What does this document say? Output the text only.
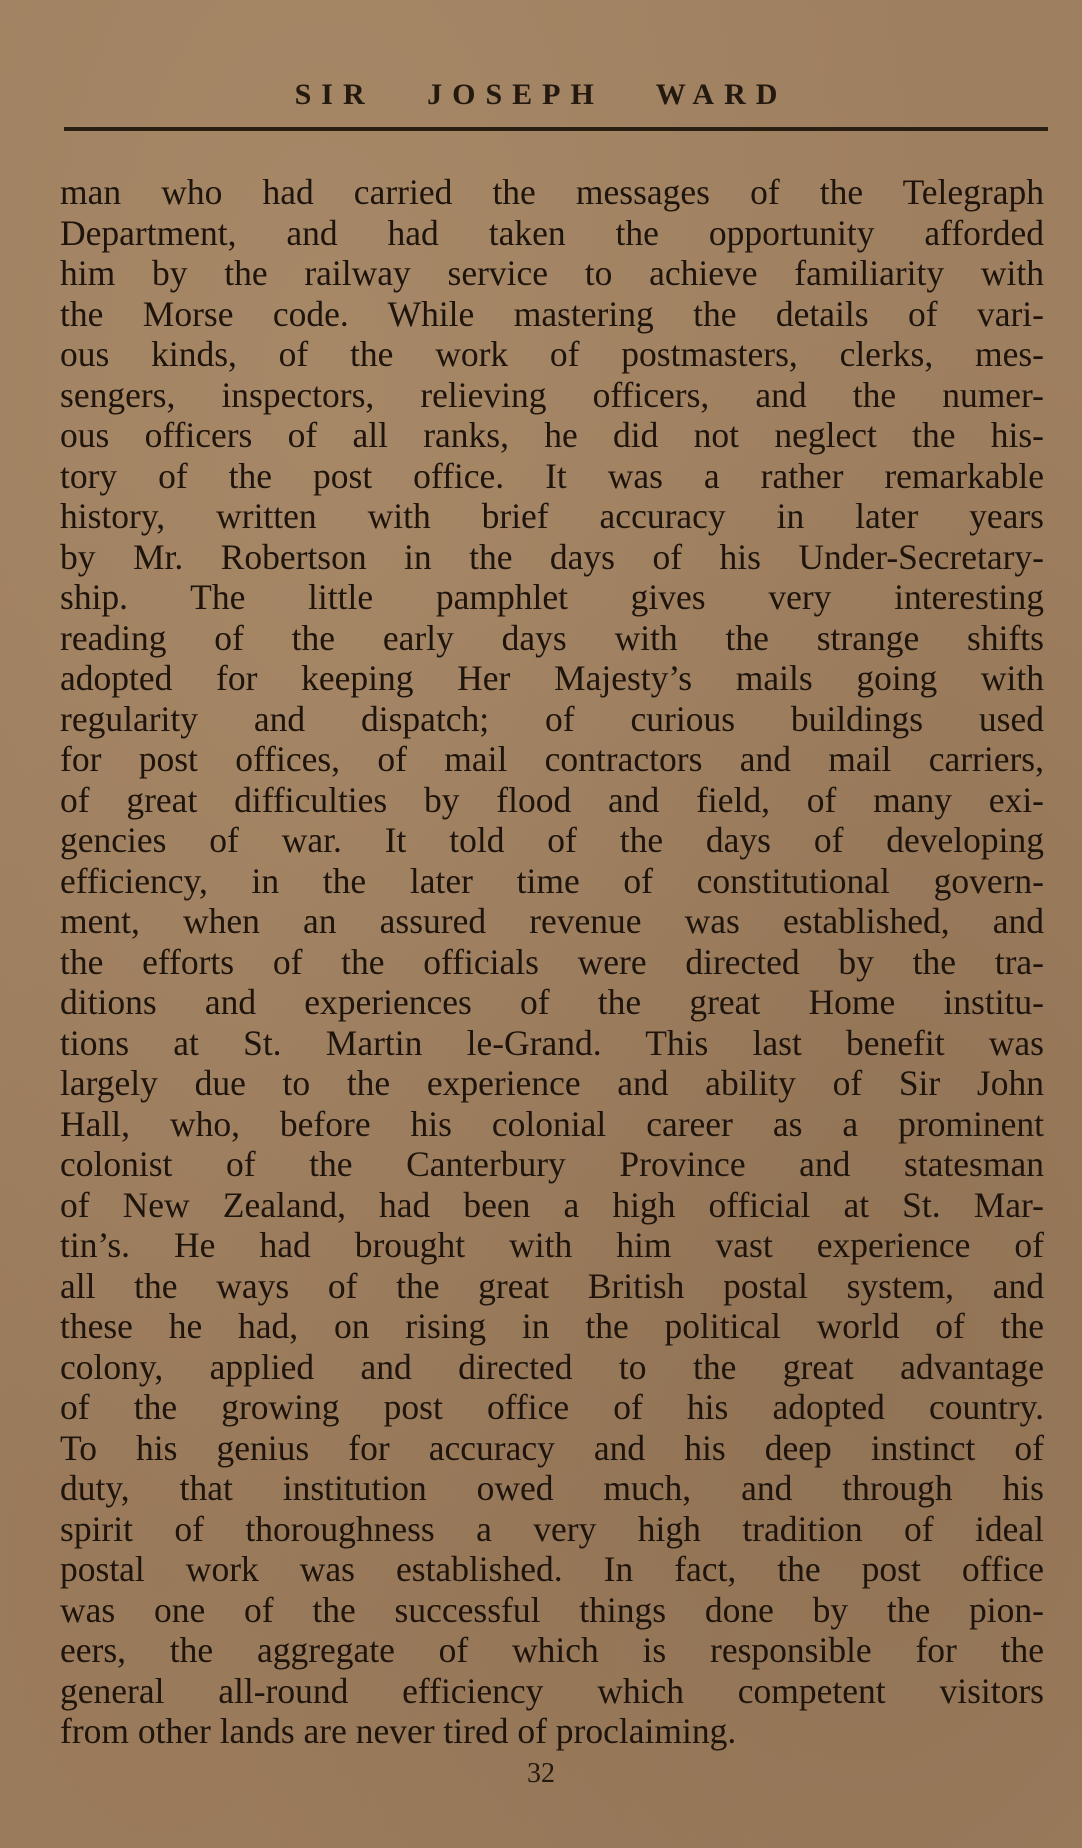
SIR   JOSEPH   WARD
man who had carried the messages of the Telegraph
Department, and had taken the opportunity afforded
him by the railway service to achieve familiarity with
the Morse code. While mastering the details of vari-
ous kinds, of the work of postmasters, clerks, mes-
sengers, inspectors, relieving officers, and the numer-
ous officers of all ranks, he did not neglect the his-
tory of the post office. It was a rather remarkable
history, written with brief accuracy in later years
by Mr. Robertson in the days of his Under-Secretary-
ship. The little pamphlet gives very interesting
reading of the early days with the strange shifts
adopted for keeping Her Majesty’s mails going with
regularity and dispatch; of curious buildings used
for post offices, of mail contractors and mail carriers,
of great difficulties by flood and field, of many exi-
gencies of war. It told of the days of developing
efficiency, in the later time of constitutional govern-
ment, when an assured revenue was established, and
the efforts of the officials were directed by the tra-
ditions and experiences of the great Home institu-
tions at St. Martin le-Grand. This last benefit was
largely due to the experience and ability of Sir John
Hall, who, before his colonial career as a prominent
colonist of the Canterbury Province and statesman
of New Zealand, had been a high official at St. Mar-
tin’s. He had brought with him vast experience of
all the ways of the great British postal system, and
these he had, on rising in the political world of the
colony, applied and directed to the great advantage
of the growing post office of his adopted country.
To his genius for accuracy and his deep instinct of
duty, that institution owed much, and through his
spirit of thoroughness a very high tradition of ideal
postal work was established. In fact, the post office
was one of the successful things done by the pion-
eers, the aggregate of which is responsible for the
general all-round efficiency which competent visitors
from other lands are never tired of proclaiming.
32
